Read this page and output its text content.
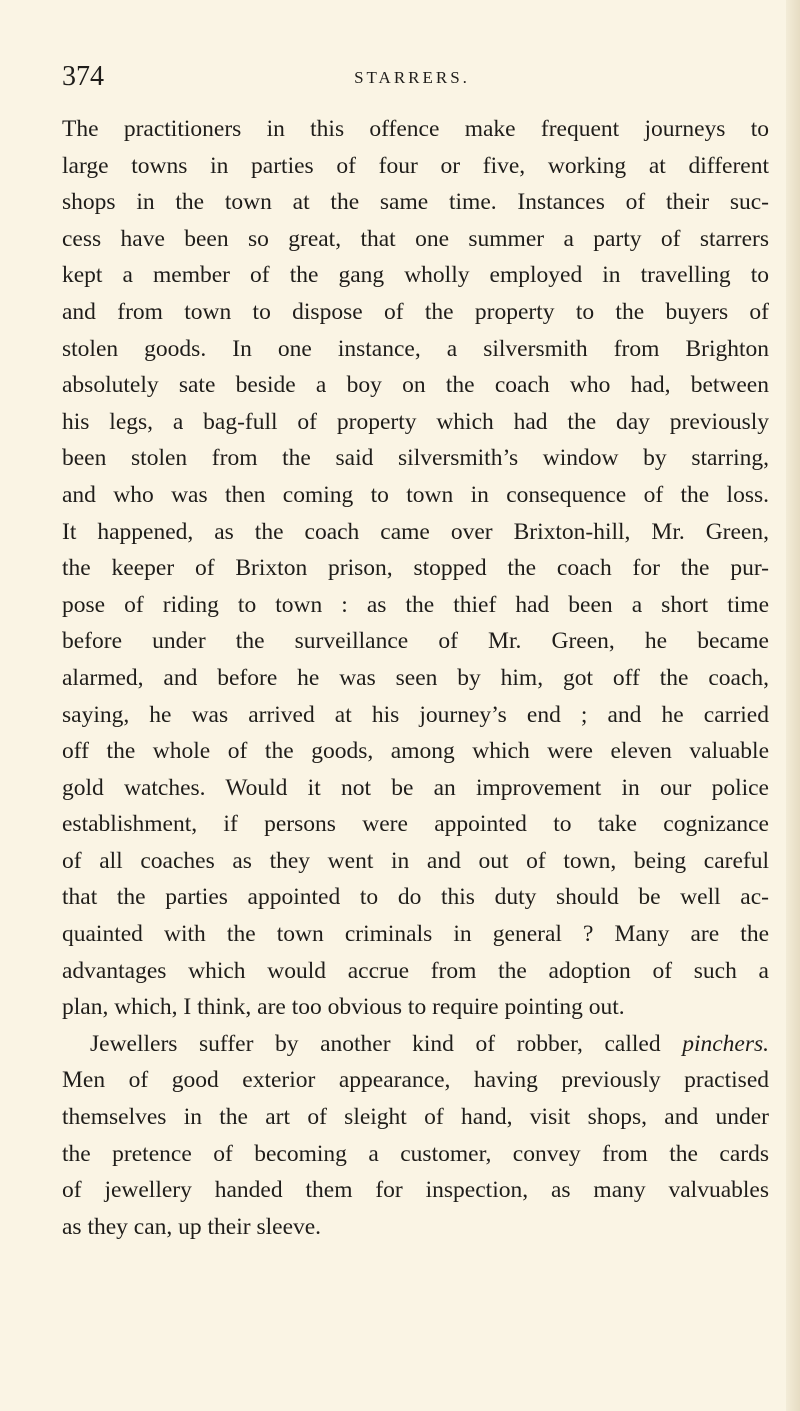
374	STARRERS.
The practitioners in this offence make frequent journeys to
large towns in parties of four or five, working at different
shops in the town at the same time. Instances of their suc-
cess have been so great, that one summer a party of starrers
kept a member of the gang wholly employed in travelling to
and from town to dispose of the property to the buyers of
stolen goods. In one instance, a silversmith from Brighton
absolutely sate beside a boy on the coach who had, between
his legs, a bag-full of property which had the day previously
been stolen from the said silversmith’s window by starring,
and who was then coming to town in consequence of the loss.
It happened, as the coach came over Brixton-hill, Mr. Green,
the keeper of Brixton prison, stopped the coach for the pur-
pose of riding to town : as the thief had been a short time
before under the surveillance of Mr. Green, he became
alarmed, and before he was seen by him, got off the coach,
saying, he was arrived at his journey’s end ; and he carried
off the whole of the goods, among which were eleven valuable
gold watches. Would it not be an improvement in our police
establishment, if persons were appointed to take cognizance
of all coaches as they went in and out of town, being careful
that the parties appointed to do this duty should be well ac-
quainted with the town criminals in general ? Many are the
advantages which would accrue from the adoption of such a
plan, which, I think, are too obvious to require pointing out.
Jewellers suffer by another kind of robber, called pinchers.
Men of good exterior appearance, having previously practised
themselves in the art of sleight of hand, visit shops, and under
the pretence of becoming a customer, convey from the cards
of jewellery handed them for inspection, as many valvuables
as they can, up their sleeve.
